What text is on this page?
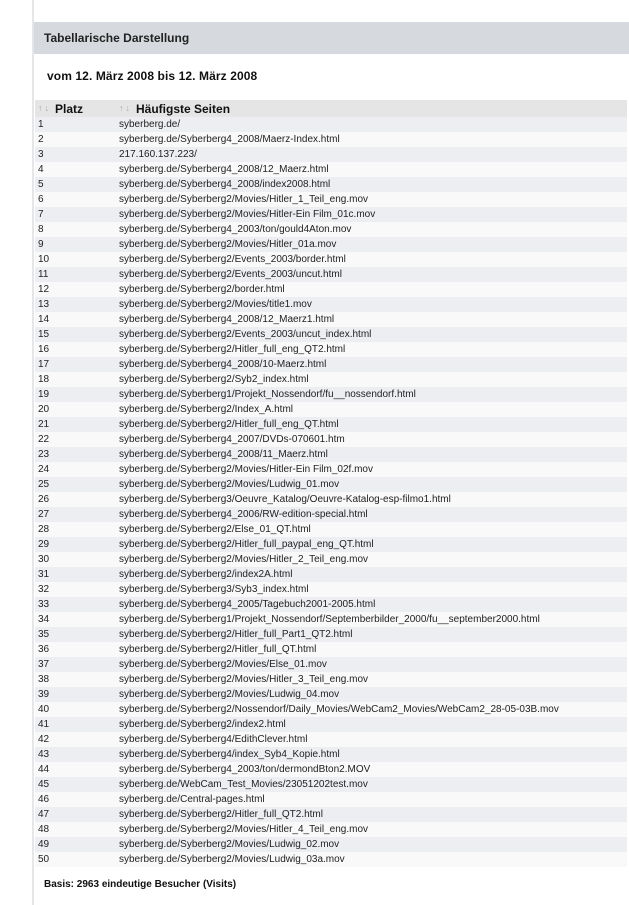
Tabellarische Darstellung
vom 12. März 2008 bis 12. März 2008
↑ ↓ Platz	↑ ↓ Häufigste Seiten

1	syberberg.de/
2	syberberg.de/Syberberg4_2008/Maerz-Index.html
3	217.160.137.223/
4	syberberg.de/Syberberg4_2008/12_Maerz.html
5	syberberg.de/Syberberg4_2008/index2008.html
6	syberberg.de/Syberberg2/Movies/Hitler_1_Teil_eng.mov
7	syberberg.de/Syberberg2/Movies/Hitler-Ein Film_01c.mov
8	syberberg.de/Syberberg4_2003/ton/gould4Aton.mov
9	syberberg.de/Syberberg2/Movies/Hitler_01a.mov
10	syberberg.de/Syberberg2/Events_2003/border.html
11	syberberg.de/Syberberg2/Events_2003/uncut.html
12	syberberg.de/Syberberg2/border.html
13	syberberg.de/Syberberg2/Movies/title1.mov
14	syberberg.de/Syberberg4_2008/12_Maerz1.html
15	syberberg.de/Syberberg2/Events_2003/uncut_index.html
16	syberberg.de/Syberberg2/Hitler_full_eng_QT2.html
17	syberberg.de/Syberberg4_2008/10-Maerz.html
18	syberberg.de/Syberberg2/Syb2_index.html
19	syberberg.de/Syberberg1/Projekt_Nossendorf/fu__nossendorf.html
20	syberberg.de/Syberberg2/Index_A.html
21	syberberg.de/Syberberg2/Hitler_full_eng_QT.html
22	syberberg.de/Syberberg4_2007/DVDs-070601.htm
23	syberberg.de/Syberberg4_2008/11_Maerz.html
24	syberberg.de/Syberberg2/Movies/Hitler-Ein Film_02f.mov
25	syberberg.de/Syberberg2/Movies/Ludwig_01.mov
26	syberberg.de/Syberberg3/Oeuvre_Katalog/Oeuvre-Katalog-esp-filmo1.html
27	syberberg.de/Syberberg4_2006/RW-edition-special.html
28	syberberg.de/Syberberg2/Else_01_QT.html
29	syberberg.de/Syberberg2/Hitler_full_paypal_eng_QT.html
30	syberberg.de/Syberberg2/Movies/Hitler_2_Teil_eng.mov
31	syberberg.de/Syberberg2/index2A.html
32	syberberg.de/Syberberg3/Syb3_index.html
33	syberberg.de/Syberberg4_2005/Tagebuch2001-2005.html
34	syberberg.de/Syberberg1/Projekt_Nossendorf/Septemberbilder_2000/fu__september2000.html
35	syberberg.de/Syberberg2/Hitler_full_Part1_QT2.html
36	syberberg.de/Syberberg2/Hitler_full_QT.html
37	syberberg.de/Syberberg2/Movies/Else_01.mov
38	syberberg.de/Syberberg2/Movies/Hitler_3_Teil_eng.mov
39	syberberg.de/Syberberg2/Movies/Ludwig_04.mov
40	syberberg.de/Syberberg2/Nossendorf/Daily_Movies/WebCam2_Movies/WebCam2_28-05-03B.mov
41	syberberg.de/Syberberg2/index2.html
42	syberberg.de/Syberberg4/EdithClever.html
43	syberberg.de/Syberberg4/index_Syb4_Kopie.html
44	syberberg.de/Syberberg4_2003/ton/dermondBton2.MOV
45	syberberg.de/WebCam_Test_Movies/23051202test.mov
46	syberberg.de/Central-pages.html
47	syberberg.de/Syberberg2/Hitler_full_QT2.html
48	syberberg.de/Syberberg2/Movies/Hitler_4_Teil_eng.mov
49	syberberg.de/Syberberg2/Movies/Ludwig_02.mov
50	syberberg.de/Syberberg2/Movies/Ludwig_03a.mov
Basis: 2963 eindeutige Besucher (Visits)
